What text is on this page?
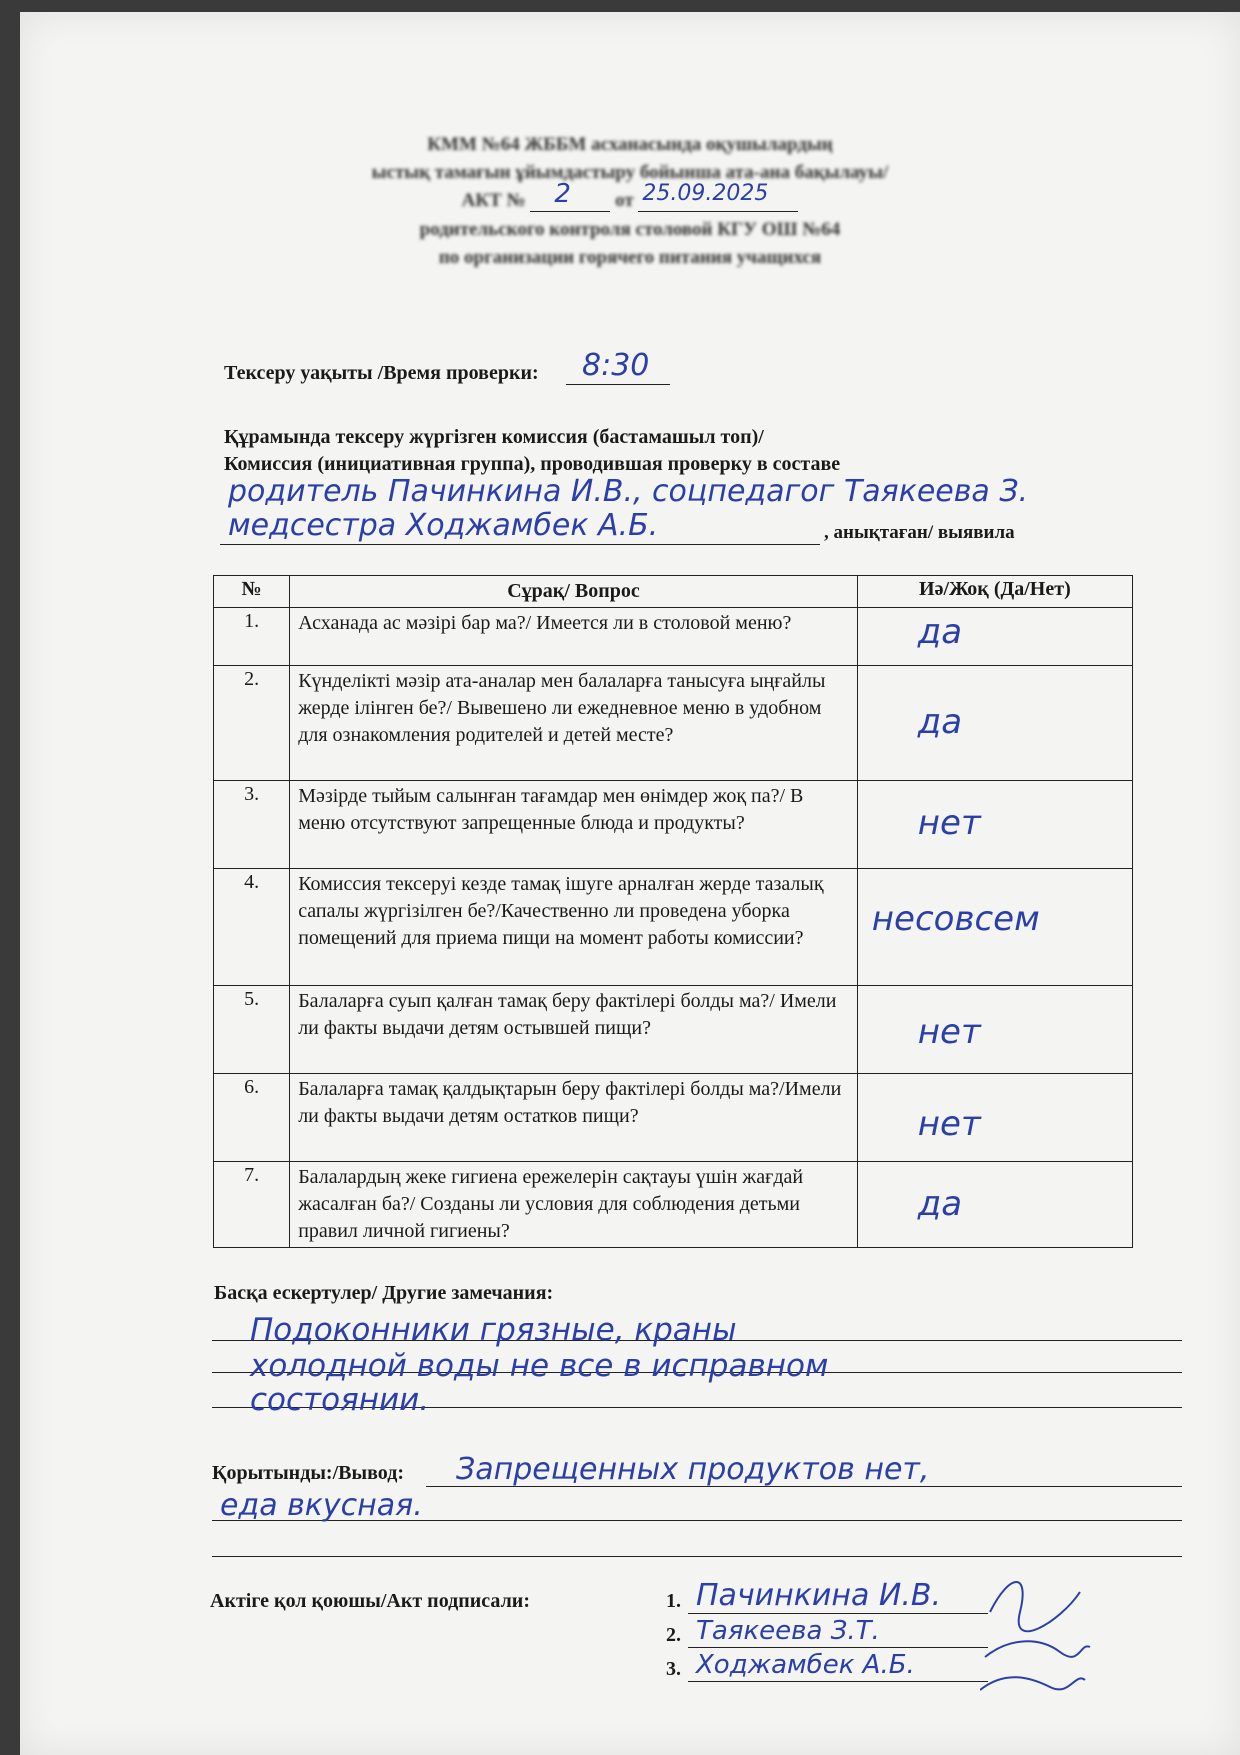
КММ №64 ЖББМ асханасында оқушылардың
ыстық тамағын ұйымдастыру бойынша ата-ана бақылауы/
АКТ № 2 от 25.09.2025
родительского контроля столовой КГУ ОШ №64
по организации горячего питания учащихся
Тексеру уақыты /Время проверки: 8:30
Құрамында тексеру жүргізген комиссия (бастамашыл топ)/
Комиссия (инициативная группа), проводившая проверку в составе
родитель Пачинкина И.В., соцпедагог Таякеева З.
медсестра Ходжамбек А.Б.	, анықтаған/ выявила
№	Сұрақ/ Вопрос	Иә/Жоқ (Да/Нет)
1.	Асханада ас мәзірі бар ма?/ Имеется ли в столовой меню?	да

2.	Күнделікті мәзір ата-аналар мен балаларға танысуға ыңғайлы жерде ілінген бе?/ Вывешено ли ежедневное меню в удобном для ознакомления родителей и детей месте?	да

3.	Мәзірде тыйым салынған тағамдар мен өнімдер жоқ па?/ В меню отсутствуют запрещенные блюда и продукты?	нет

4.	Комиссия тексеруі кезде тамақ ішуге арналған жерде тазалық сапалы жүргізілген бе?/Качественно ли проведена уборка помещений для приема пищи на момент работы комиссии?	несовсем

5.	Балаларға суып қалған тамақ беру фактілері болды ма?/ Имели ли факты выдачи детям остывшей пищи?	нет

6.	Балаларға тамақ қалдықтарын беру фактілері болды ма?/Имели ли факты выдачи детям остатков пищи?	нет

7.	Балалардың жеке гигиена ережелерін сақтауы үшін жағдай жасалған ба?/ Созданы ли условия для соблюдения детьми правил личной гигиены?	да
Басқа ескертулер/ Другие замечания:
Подоконники грязные, краны
холодной воды не все в исправном
состоянии.
Қорытынды:/Вывод: Запрещенных продуктов нет,
еда вкусная.
Актіге қол қоюшы/Акт подписали:	1. Пачинкина И.В.
2. Таякеева З.Т.
3. Ходжамбек А.Б.
